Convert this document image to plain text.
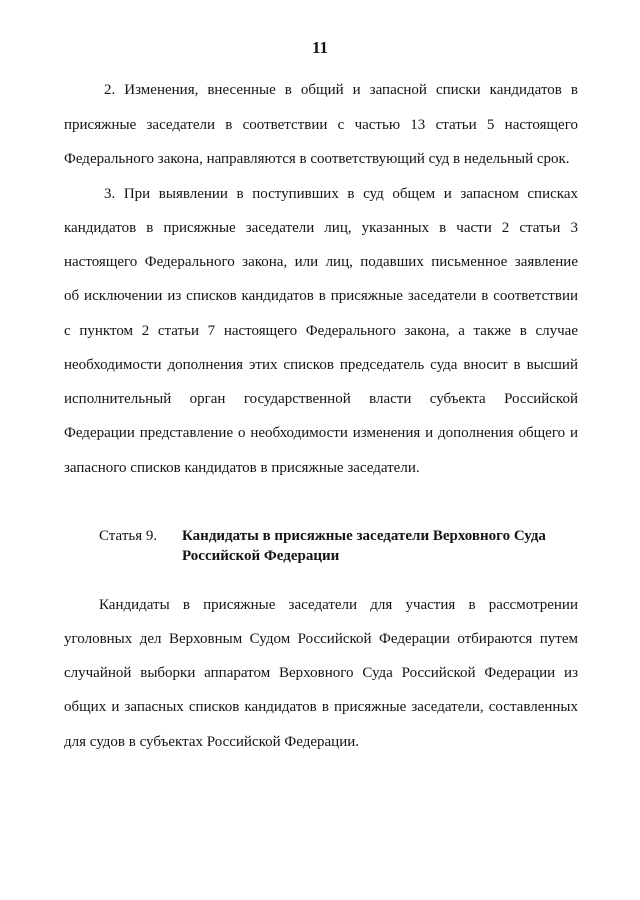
11
2. Изменения, внесенные в общий и запасной списки кандидатов в
присяжные заседатели в соответствии с частью 13 статьи 5 настоящего
Федерального закона, направляются в соответствующий суд в недельный срок.
3. При выявлении в поступивших в суд общем и запасном списках
кандидатов в присяжные заседатели лиц, указанных в части 2 статьи 3
настоящего Федерального закона, или лиц, подавших письменное заявление
об исключении из списков кандидатов в присяжные заседатели в соответствии
с пунктом 2 статьи 7 настоящего Федерального закона, а также в случае
необходимости дополнения этих списков председатель суда вносит в высший
исполнительный орган государственной власти субъекта Российской
Федерации представление о необходимости изменения и дополнения общего и
запасного списков кандидатов в присяжные заседатели.
Статья 9. Кандидаты в присяжные заседатели Верховного Суда
Российской Федерации
Кандидаты в присяжные заседатели для участия в рассмотрении
уголовных дел Верховным Судом Российской Федерации отбираются путем
случайной выборки аппаратом Верховного Суда Российской Федерации из
общих и запасных списков кандидатов в присяжные заседатели, составленных
для судов в субъектах Российской Федерации.
